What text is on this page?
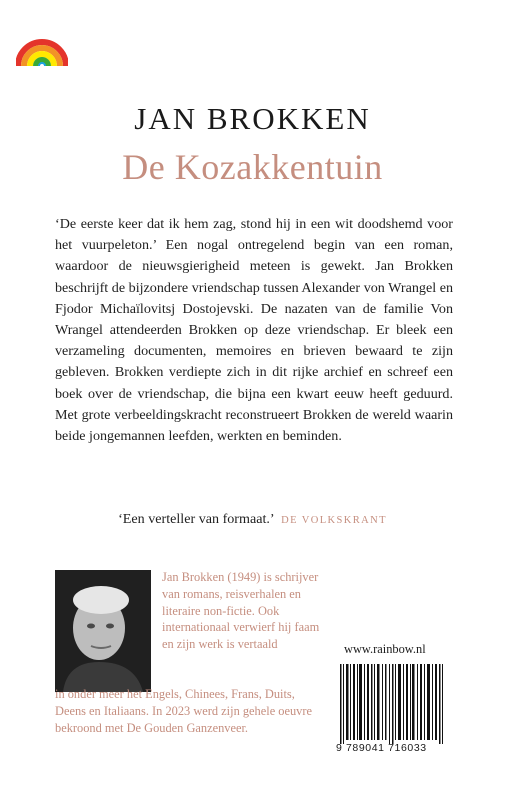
JAN BROKKEN
De Kozakkentuin

‘De eerste keer dat ik hem zag, stond hij in een wit doodshemd voor het vuurpeleton.’ Een nogal ontregelend begin van een roman, waardoor de nieuwsgierigheid meteen is gewekt. Jan Brokken beschrijft de bijzondere vriendschap tussen Alexander von Wrangel en Fjodor Michaïlovitsj Dostojevski. De nazaten van de familie Von Wrangel attendeerden Brokken op deze vriendschap. Er bleek een verzameling documenten, memoires en brieven bewaard te zijn gebleven. Brokken verdiepte zich in dit rijke archief en schreef een boek over de vriendschap, die bijna een kwart eeuw heeft geduurd. Met grote verbeeldingskracht reconstrueert Brokken de wereld waarin beide jongemannen leefden, werkten en beminden.

‘Een verteller van formaat.’ DE VOLKSKRANT

Jan Brokken (1949) is schrijver van romans, reisverhalen en literaire non-fictie. Ook internationaal verwierf hij faam en zijn werk is vertaald

in onder meer het Engels, Chinees, Frans, Duits, Deens en Italiaans. In 2023 werd zijn gehele oeuvre bekroond met De Gouden Ganzenveer.

www.rainbow.nl
9 789041 716033
